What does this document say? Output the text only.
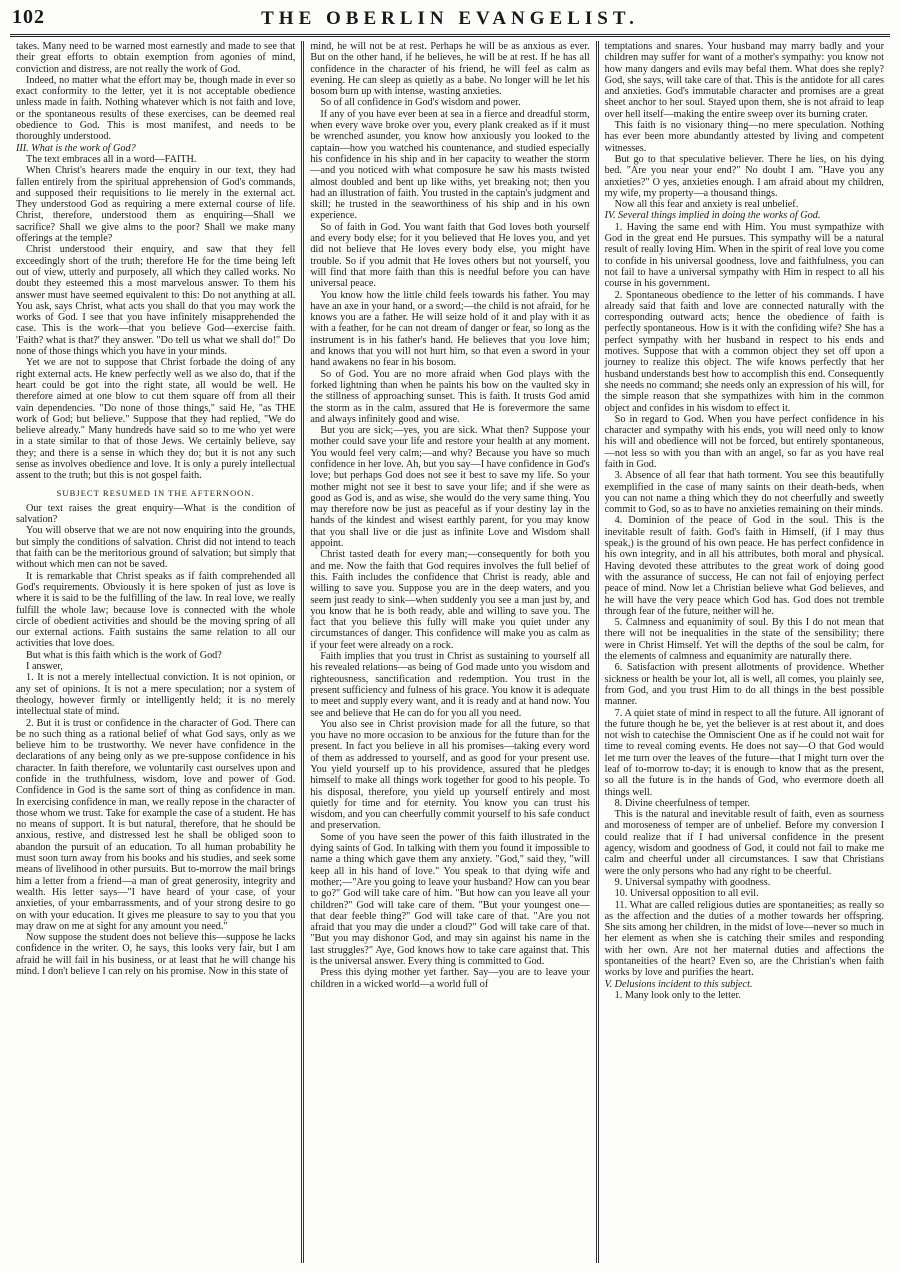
102	THE OBERLIN EVANGELIST.

takes. Many need to be warned most earnestly and made to see that their great efforts to obtain exemption from agonies of mind, conviction and distress, are not really the work of God.

Indeed, no matter what the effort may be, though made in ever so exact conformity to the letter, yet it is not acceptable obedience unless made in faith. Nothing whatever which is not faith and love, or the spontaneous results of these exercises, can be deemed real obedience to God. This is most manifest, and needs to be thoroughly understood.

III. What is the work of God?

The text embraces all in a word—FAITH.

When Christ's hearers made the enquiry in our text, they had fallen entirely from the spiritual apprehension of God's commands, and supposed their requisitions to lie merely in the external act. They understood God as requiring a mere external course of life. Christ, therefore, understood them as enquiring—Shall we sacrifice? Shall we give alms to the poor? Shall we make many offerings at the temple?

Christ understood their enquiry, and saw that they fell exceedingly short of the truth; therefore He for the time being left out of view, utterly and purposely, all which they called works. No doubt they esteemed this a most marvelous answer. To them his answer must have seemed equivalent to this: Do not anything at all. You ask, says Christ, what acts you shall do that you may work the works of God. I see that you have infinitely misapprehended the case. This is the work—that you believe God—exercise faith. 'Faith? what is that?' they answer. "Do tell us what we shall do!" Do none of those things which you have in your minds.

Yet we are not to suppose that Christ forbade the doing of any right external acts. He knew perfectly well as we also do, that if the heart could be got into the right state, all would be well. He therefore aimed at one blow to cut them square off from all their vain dependencies. "Do none of those things," said He, "as THE work of God; but believe." Suppose that they had replied, "We do believe already." Many hundreds have said so to me who yet were in a state similar to that of those Jews. We certainly believe, say they; and there is a sense in which they do; but it is not any such sense as involves obedience and love. It is only a purely intellectual assent to the truth; but this is not gospel faith.

SUBJECT RESUMED IN THE AFTERNOON.

Our text raises the great enquiry—What is the condition of salvation?

You will observe that we are not now enquiring into the grounds, but simply the conditions of salvation. Christ did not intend to teach that faith can be the meritorious ground of salvation; but simply that without which men can not be saved.

It is remarkable that Christ speaks as if faith comprehended all God's requirements. Obviously it is here spoken of just as love is where it is said to be the fulfilling of the law. In real love, we really fulfill the whole law; because love is connected with the whole circle of obedient activities and should be the moving spring of all our external actions. Faith sustains the same relation to all our activities that love does.

But what is this faith which is the work of God?

I answer,

1. It is not a merely intellectual conviction. It is not opinion, or any set of opinions. It is not a mere speculation; nor a system of theology, however firmly or intelligently held; it is no merely intellectual state of mind.

2. But it is trust or confidence in the character of God. There can be no such thing as a rational belief of what God says, only as we believe him to be trustworthy. We never have confidence in the declarations of any being only as we pre-suppose confidence in his character. In faith therefore, we voluntarily cast ourselves upon and confide in the truthfulness, wisdom, love and power of God. Confidence in God is the same sort of thing as confidence in man. In exercising confidence in man, we really repose in the character of those whom we trust. Take for example the case of a student. He has no means of support. It is but natural, therefore, that he should be anxious, restive, and distressed lest he shall be obliged soon to abandon the pursuit of an education. To all human probability he must soon turn away from his books and his studies, and seek some means of livelihood in other pursuits. But to-morrow the mail brings him a letter from a friend—a man of great generosity, integrity and wealth. His letter says—"I have heard of your case, of your anxieties, of your embarrassments, and of your strong desire to go on with your education. It gives me pleasure to say to you that you may draw on me at sight for any amount you need."

Now suppose the student does not believe this—suppose he lacks confidence in the writer. O, he says, this looks very fair, but I am afraid he will fail in his business, or at least that he will change his mind. I don't believe I can rely on his promise. Now in this state of

mind, he will not be at rest. Perhaps he will be as anxious as ever. But on the other hand, if he believes, he will be at rest. If he has all confidence in the character of his friend, he will feel as calm as evening. He can sleep as quietly as a babe. No longer will he let his bosom burn up with intense, wasting anxieties.

So of all confidence in God's wisdom and power.

If any of you have ever been at sea in a fierce and dreadful storm, when every wave broke over you, every plank creaked as if it must be wrenched asunder, you know how anxiously you looked to the captain—how you watched his countenance, and studied especially his confidence in his ship and in her capacity to weather the storm—and you noticed with what composure he saw his masts twisted almost doubled and bent up like withs, yet breaking not; then you had an illustration of faith. You trusted in the captain's judgment and skill; he trusted in the seaworthiness of his ship and in his own experience.

So of faith in God. You want faith that God loves both yourself and every body else; for it you believed that He loves you, and yet did not believe that He loves every body else, you might have trouble. So if you admit that He loves others but not yourself, you will find that more faith than this is needful before you can have universal peace.

You know how the little child feels towards his father. You may have an axe in your hand, or a sword;—the child is not afraid, for he knows you are a father. He will seize hold of it and play with it as with a feather, for he can not dream of danger or fear, so long as the instrument is in his father's hand. He believes that you love him; and knows that you will not hurt him, so that even a sword in your hand awakens no fear in his bosom.

So of God. You are no more afraid when God plays with the forked lightning than when he paints his bow on the vaulted sky in the stillness of approaching sunset. This is faith. It trusts God amid the storm as in the calm, assured that He is forevermore the same and always infinitely good and wise.

But you are sick;—yes, you are sick. What then? Suppose your mother could save your life and restore your health at any moment. You would feel very calm;—and why? Because you have so much confidence in her love. Ah, but you say—I have confidence in God's love; but perhaps God does not see it best to save my life. So your mother might not see it best to save your life; and if she were as good as God is, and as wise, she would do the very same thing. You may therefore now be just as peaceful as if your destiny lay in the hands of the kindest and wisest earthly parent, for you may know that you shall live or die just as infinite Love and Wisdom shall appoint.

Christ tasted death for every man;—consequently for both you and me. Now the faith that God requires involves the full belief of this. Faith includes the confidence that Christ is ready, able and willing to save you. Suppose you are in the deep waters, and you seem just ready to sink—when suddenly you see a man just by, and you know that he is both ready, able and willing to save you. The fact that you believe this fully will make you quiet under any circumstances of danger. This confidence will make you as calm as if your feet were already on a rock.

Faith implies that you trust in Christ as sustaining to yourself all his revealed relations—as being of God made unto you wisdom and righteousness, sanctification and redemption. You trust in the present sufficiency and fulness of his grace. You know it is adequate to meet and supply every want, and it is ready and at hand now. You see and believe that He can do for you all you need.

You also see in Christ provision made for all the future, so that you have no more occasion to be anxious for the future than for the present. In fact you believe in all his promises—taking every word of them as addressed to yourself, and as good for your present use. You yield yourself up to his providence, assured that he pledges himself to make all things work together for good to his people. To his disposal, therefore, you yield up yourself entirely and most quietly for time and for eternity. You know you can trust his wisdom, and you can cheerfully commit yourself to his safe conduct and preservation.

Some of you have seen the power of this faith illustrated in the dying saints of God. In talking with them you found it impossible to name a thing which gave them any anxiety. "God," said they, "will keep all in his hand of love." You speak to that dying wife and mother;—"Are you going to leave your husband? How can you bear to go?" God will take care of him. "But how can you leave all your children?" God will take care of them. "But your youngest one—that dear feeble thing?" God will take care of that. "Are you not afraid that you may die under a cloud?" God will take care of that. "But you may dishonor God, and may sin against his name in the last struggles?" Aye, God knows how to take care against that. This is the universal answer. Every thing is committed to God.

Press this dying mother yet farther. Say—you are to leave your children in a wicked world—a world full of

temptations and snares. Your husband may marry badly and your children may suffer for want of a mother's sympathy: you know not how many dangers and evils may befal them. What does she reply? God, she says, will take care of that. This is the antidote for all cares and anxieties. God's immutable character and promises are a great sheet anchor to her soul. Stayed upon them, she is not afraid to leap over hell itself—making the entire sweep over its burning crater.

This faith is no visionary thing—no mere speculation. Nothing has ever been more abundantly attested by living and competent witnesses.

But go to that speculative believer. There he lies, on his dying bed. "Are you near your end?" No doubt I am. "Have you any anxieties?" O yes, anxieties enough. I am afraid about my children, my wife, my property—a thousand things.

Now all this fear and anxiety is real unbelief.

IV. Several things implied in doing the works of God.

1. Having the same end with Him. You must sympathize with God in the great end He pursues. This sympathy will be a natural result of really loving Him. When in the spirit of real love you come to confide in his universal goodness, love and faithfulness, you can not fail to have a universal sympathy with Him in respect to all his course in his government.

2. Spontaneous obedience to the letter of his commands. I have already said that faith and love are connected naturally with the corresponding outward acts; hence the obedience of faith is perfectly spontaneous. How is it with the confiding wife? She has a perfect sympathy with her husband in respect to his ends and motives. Suppose that with a common object they set off upon a journey to realize this object. The wife knows perfectly that her husband understands best how to accomplish this end. Consequently she needs no command; she needs only an expression of his will, for the simple reason that she sympathizes with him in the common object and confides in his wisdom to effect it.

So in regard to God. When you have perfect confidence in his character and sympathy with his ends, you will need only to know his will and obedience will not be forced, but entirely spontaneous,—not less so with you than with an angel, so far as you have real faith in God.

3. Absence of all fear that hath torment. You see this beautifully exemplified in the case of many saints on their death-beds, when you can not name a thing which they do not cheerfully and sweetly commit to God, so as to have no anxieties remaining on their minds.

4. Dominion of the peace of God in the soul. This is the inevitable result of faith. God's faith in Himself, (if I may thus speak,) is the ground of his own peace. He has perfect confidence in his own integrity, and in all his attributes, both moral and physical. Having devoted these attributes to the great work of doing good with the assurance of success, He can not fail of enjoying perfect peace of mind. Now let a Christian believe what God believes, and he will have the very peace which God has. God does not tremble through fear of the future, neither will he.

5. Calmness and equanimity of soul. By this I do not mean that there will not be inequalities in the state of the sensibility; there were in Christ Himself. Yet will the depths of the soul be calm, for the elements of calmness and equanimity are naturally there.

6. Satisfaction with present allotments of providence. Whether sickness or health be your lot, all is well, all comes, you plainly see, from God, and you trust Him to do all things in the best possible manner.

7. A quiet state of mind in respect to all the future. All ignorant of the future though he be, yet the believer is at rest about it, and does not wish to catechise the Omniscient One as if he could not wait for time to reveal coming events. He does not say—O that God would let me turn over the leaves of the future—that I might turn over the leaf of to-morrow to-day; it is enough to know that as the present, so all the future is in the hands of God, who evermore doeth all things well.

8. Divine cheerfulness of temper.

This is the natural and inevitable result of faith, even as sourness and moroseness of temper are of unbelief. Before my conversion I could realize that if I had universal confidence in the present agency, wisdom and goodness of God, it could not fail to make me calm and cheerful under all circumstances. I saw that Christians were the only persons who had any right to be cheerful.

9. Universal sympathy with goodness.

10. Universal opposition to all evil.

11. What are called religious duties are spontaneities; as really so as the affection and the duties of a mother towards her offspring. She sits among her children, in the midst of love—never so much in her element as when she is catching their smiles and responding with her own. Are not her maternal duties and affections the spontaneities of the heart? Even so, are the Christian's when faith works by love and purifies the heart.

V. Delusions incident to this subject.

1. Many look only to the letter.
